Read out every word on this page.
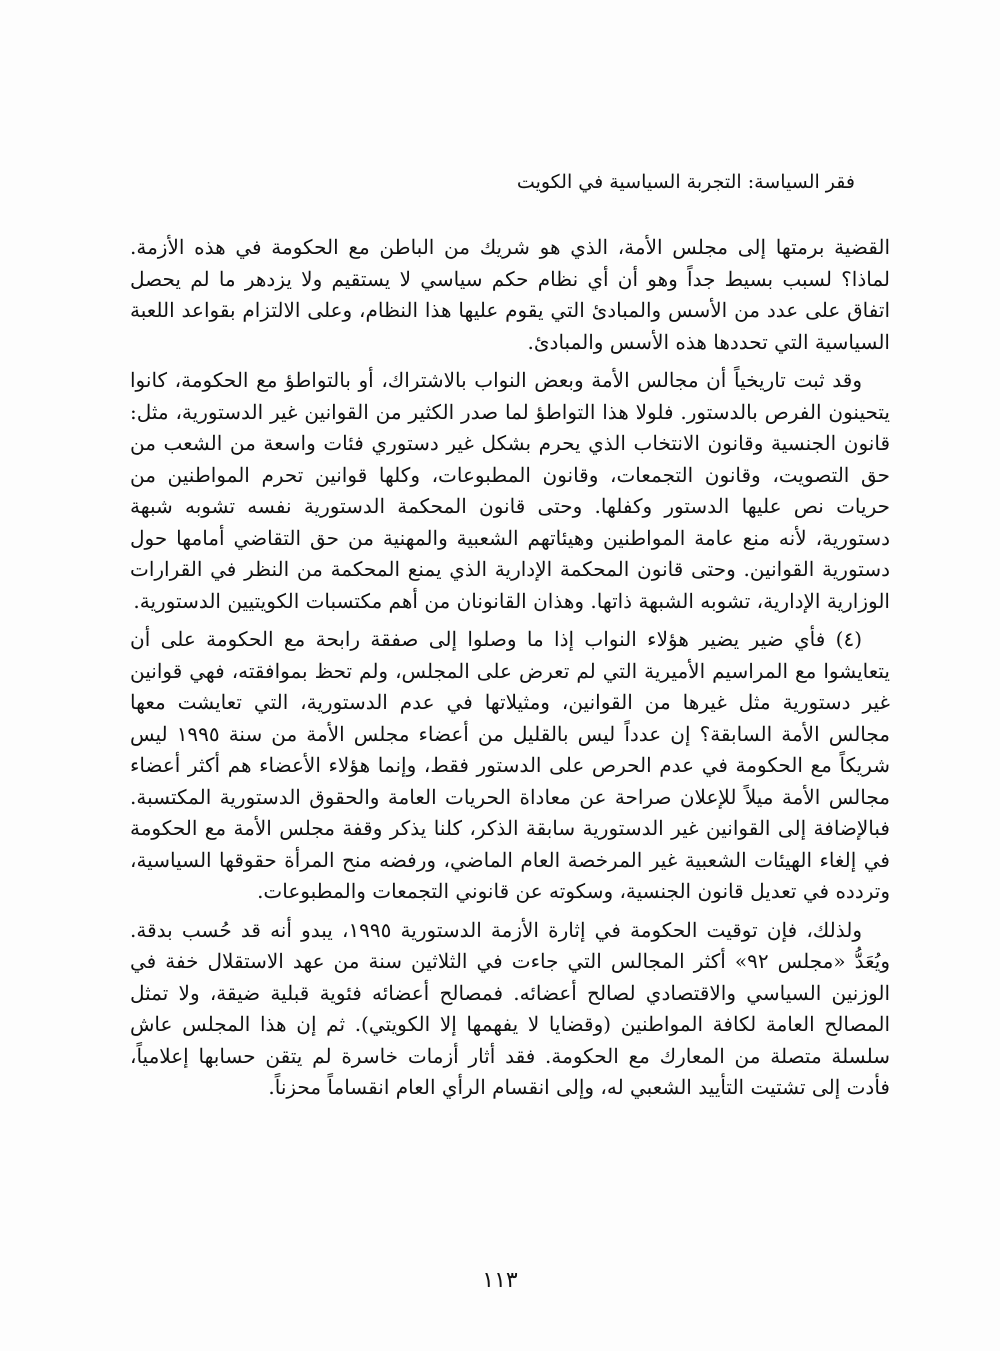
فقر السياسة: التجربة السياسية في الكويت

القضية برمتها إلى مجلس الأمة، الذي هو شريك من الباطن مع الحكومة في هذه الأزمة. لماذا؟ لسبب بسيط جداً وهو أن أي نظام حكم سياسي لا يستقيم ولا يزدهر ما لم يحصل اتفاق على عدد من الأسس والمبادئ التي يقوم عليها هذا النظام، وعلى الالتزام بقواعد اللعبة السياسية التي تحددها هذه الأسس والمبادئ.

وقد ثبت تاريخياً أن مجالس الأمة وبعض النواب بالاشتراك، أو بالتواطؤ مع الحكومة، كانوا يتحينون الفرص بالدستور. فلولا هذا التواطؤ لما صدر الكثير من القوانين غير الدستورية، مثل: قانون الجنسية وقانون الانتخاب الذي يحرم بشكل غير دستوري فئات واسعة من الشعب من حق التصويت، وقانون التجمعات، وقانون المطبوعات، وكلها قوانين تحرم المواطنين من حريات نص عليها الدستور وكفلها. وحتى قانون المحكمة الدستورية نفسه تشوبه شبهة دستورية، لأنه منع عامة المواطنين وهيئاتهم الشعبية والمهنية من حق التقاضي أمامها حول دستورية القوانين. وحتى قانون المحكمة الإدارية الذي يمنع المحكمة من النظر في القرارات الوزارية الإدارية، تشوبه الشبهة ذاتها. وهذان القانونان من أهم مكتسبات الكويتيين الدستورية.

(٤) فأي ضير يضير هؤلاء النواب إذا ما وصلوا إلى صفقة رابحة مع الحكومة على أن يتعايشوا مع المراسيم الأميرية التي لم تعرض على المجلس، ولم تحظ بموافقته، فهي قوانين غير دستورية مثل غيرها من القوانين، ومثيلاتها في عدم الدستورية، التي تعايشت معها مجالس الأمة السابقة؟ إن عدداً ليس بالقليل من أعضاء مجلس الأمة من سنة ١٩٩٥ ليس شريكاً مع الحكومة في عدم الحرص على الدستور فقط، وإنما هؤلاء الأعضاء هم أكثر أعضاء مجالس الأمة ميلاً للإعلان صراحة عن معاداة الحريات العامة والحقوق الدستورية المكتسبة. فبالإضافة إلى القوانين غير الدستورية سابقة الذكر، كلنا يذكر وقفة مجلس الأمة مع الحكومة في إلغاء الهيئات الشعبية غير المرخصة العام الماضي، ورفضه منح المرأة حقوقها السياسية، وتردده في تعديل قانون الجنسية، وسكوته عن قانوني التجمعات والمطبوعات.

ولذلك، فإن توقيت الحكومة في إثارة الأزمة الدستورية ١٩٩٥، يبدو أنه قد حُسب بدقة. ويُعَدُّ «مجلس ٩٢» أكثر المجالس التي جاءت في الثلاثين سنة من عهد الاستقلال خفة في الوزنين السياسي والاقتصادي لصالح أعضائه. فمصالح أعضائه فئوية قبلية ضيقة، ولا تمثل المصالح العامة لكافة المواطنين (وقضايا لا يفهمها إلا الكويتي). ثم إن هذا المجلس عاش سلسلة متصلة من المعارك مع الحكومة. فقد أثار أزمات خاسرة لم يتقن حسابها إعلامياً، فأدت إلى تشتيت التأييد الشعبي له، وإلى انقسام الرأي العام انقساماً محزناً.

١١٣
